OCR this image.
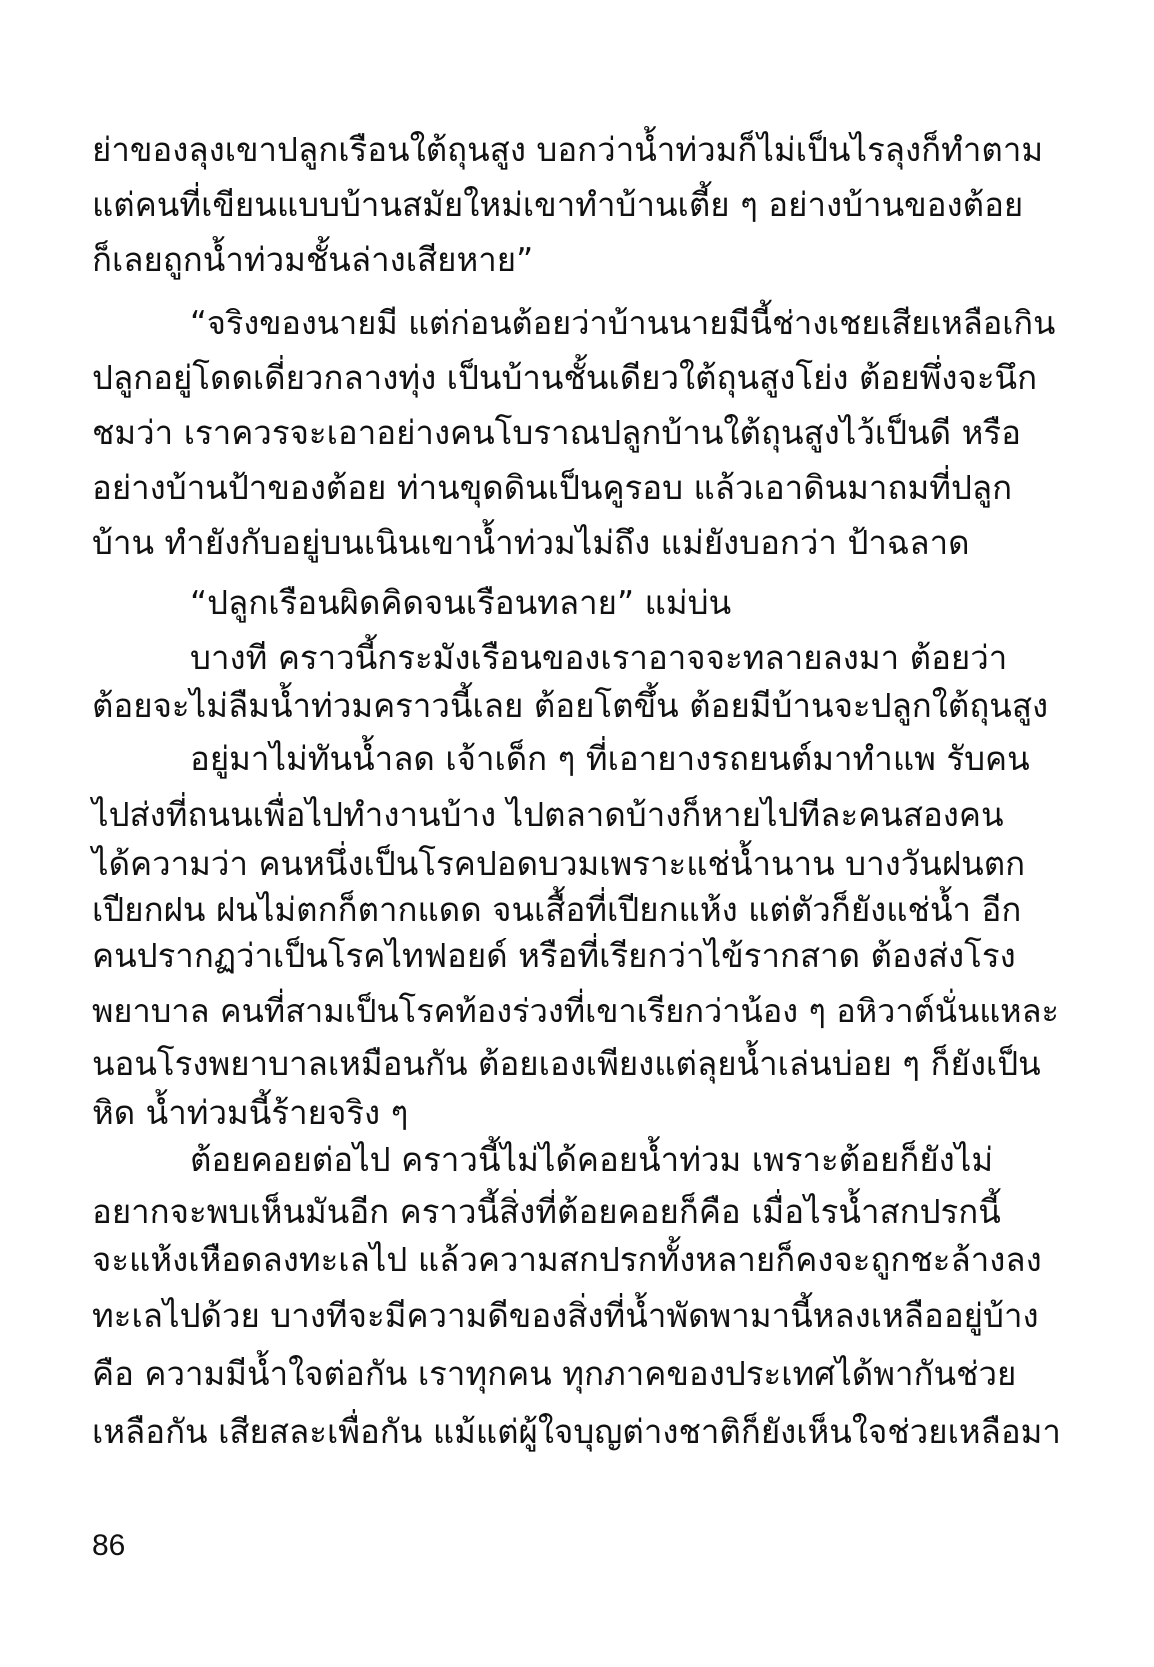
ย่าของลุงเขาปลูกเรือนใต้ถุนสูง บอกว่าน้ำท่วมก็ไม่เป็นไรลุงก็ทำตาม
แต่คนที่เขียนแบบบ้านสมัยใหม่เขาทำบ้านเตี้ย ๆ อย่างบ้านของต้อย
ก็เลยถูกน้ำท่วมชั้นล่างเสียหาย”
“จริงของนายมี แต่ก่อนต้อยว่าบ้านนายมีนี้ช่างเชยเสียเหลือเกิน
ปลูกอยู่โดดเดี่ยวกลางทุ่ง เป็นบ้านชั้นเดียวใต้ถุนสูงโย่ง ต้อยพึ่งจะนึก
ชมว่า เราควรจะเอาอย่างคนโบราณปลูกบ้านใต้ถุนสูงไว้เป็นดี หรือ
อย่างบ้านป้าของต้อย ท่านขุดดินเป็นคูรอบ แล้วเอาดินมาถมที่ปลูก
บ้าน ทำยังกับอยู่บนเนินเขาน้ำท่วมไม่ถึง แม่ยังบอกว่า ป้าฉลาด
“ปลูกเรือนผิดคิดจนเรือนทลาย” แม่บ่น
บางที คราวนี้กระมังเรือนของเราอาจจะทลายลงมา ต้อยว่า
ต้อยจะไม่ลืมน้ำท่วมคราวนี้เลย ต้อยโตขึ้น ต้อยมีบ้านจะปลูกใต้ถุนสูง
อยู่มาไม่ทันน้ำลด เจ้าเด็ก ๆ ที่เอายางรถยนต์มาทำแพ รับคน
ไปส่งที่ถนนเพื่อไปทำงานบ้าง ไปตลาดบ้างก็หายไปทีละคนสองคน
ได้ความว่า คนหนึ่งเป็นโรคปอดบวมเพราะแช่น้ำนาน บางวันฝนตก
เปียกฝน ฝนไม่ตกก็ตากแดด จนเสื้อที่เปียกแห้ง แต่ตัวก็ยังแช่น้ำ อีก
คนปรากฏว่าเป็นโรคไทฟอยด์ หรือที่เรียกว่าไข้รากสาด ต้องส่งโรง
พยาบาล คนที่สามเป็นโรคท้องร่วงที่เขาเรียกว่าน้อง ๆ อหิวาต์นั่นแหละ
นอนโรงพยาบาลเหมือนกัน ต้อยเองเพียงแต่ลุยน้ำเล่นบ่อย ๆ ก็ยังเป็น
หิด น้ำท่วมนี้ร้ายจริง ๆ
ต้อยคอยต่อไป คราวนี้ไม่ได้คอยน้ำท่วม เพราะต้อยก็ยังไม่
อยากจะพบเห็นมันอีก คราวนี้สิ่งที่ต้อยคอยก็คือ เมื่อไรน้ำสกปรกนี้
จะแห้งเหือดลงทะเลไป แล้วความสกปรกทั้งหลายก็คงจะถูกชะล้างลง
ทะเลไปด้วย บางทีจะมีความดีของสิ่งที่น้ำพัดพามานี้หลงเหลืออยู่บ้าง
คือ ความมีน้ำใจต่อกัน เราทุกคน ทุกภาคของประเทศได้พากันช่วย
เหลือกัน เสียสละเพื่อกัน แม้แต่ผู้ใจบุญต่างชาติก็ยังเห็นใจช่วยเหลือมา
86
